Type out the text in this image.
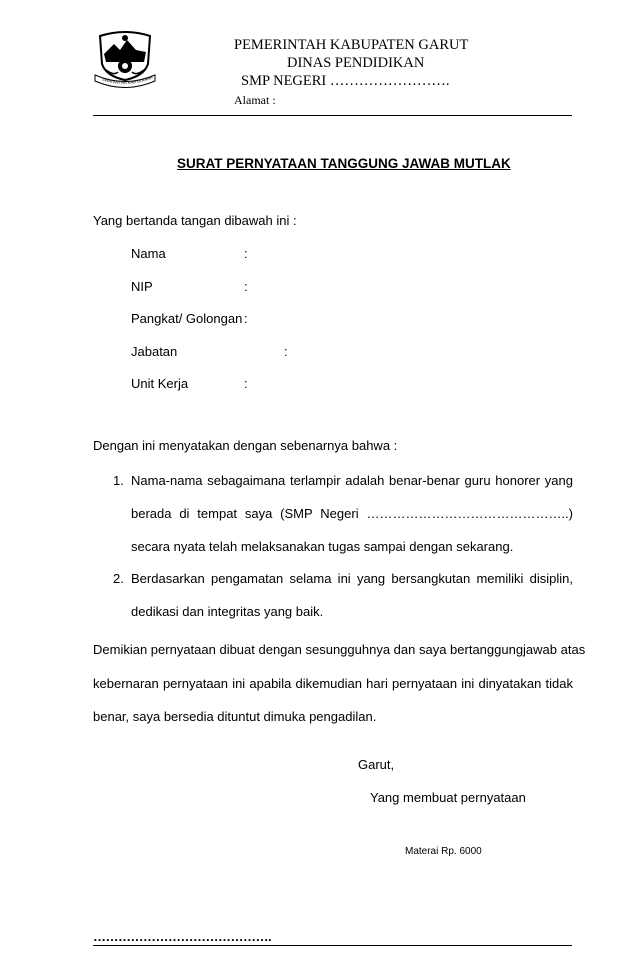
SWATANTRA KARTA RAHA
PEMERINTAH KABUPATEN GARUT
DINAS PENDIDIKAN
SMP NEGERI …………………….
Alamat :
SURAT PERNYATAAN TANGGUNG JAWAB MUTLAK
Yang bertanda tangan dibawah ini :
Nama	:
NIP	:
Pangkat/ Golongan :
Jabatan	:
Unit Kerja	:
Dengan ini menyatakan dengan sebenarnya bahwa :
1. Nama-nama sebagaimana terlampir adalah benar-benar guru honorer yang
berada di tempat saya (SMP Negeri ………………………………………..)
secara nyata telah melaksanakan tugas sampai dengan sekarang.
2. Berdasarkan pengamatan selama ini yang bersangkutan memiliki disiplin,
dedikasi dan integritas yang baik.
Demikian pernyataan dibuat dengan sesungguhnya dan saya bertanggungjawab atas
kebernaran pernyataan ini apabila dikemudian hari pernyataan ini dinyatakan tidak
benar, saya bersedia dituntut dimuka pengadilan.
Garut,
Yang membuat pernyataan
Materai Rp. 6000
…………………………………….
